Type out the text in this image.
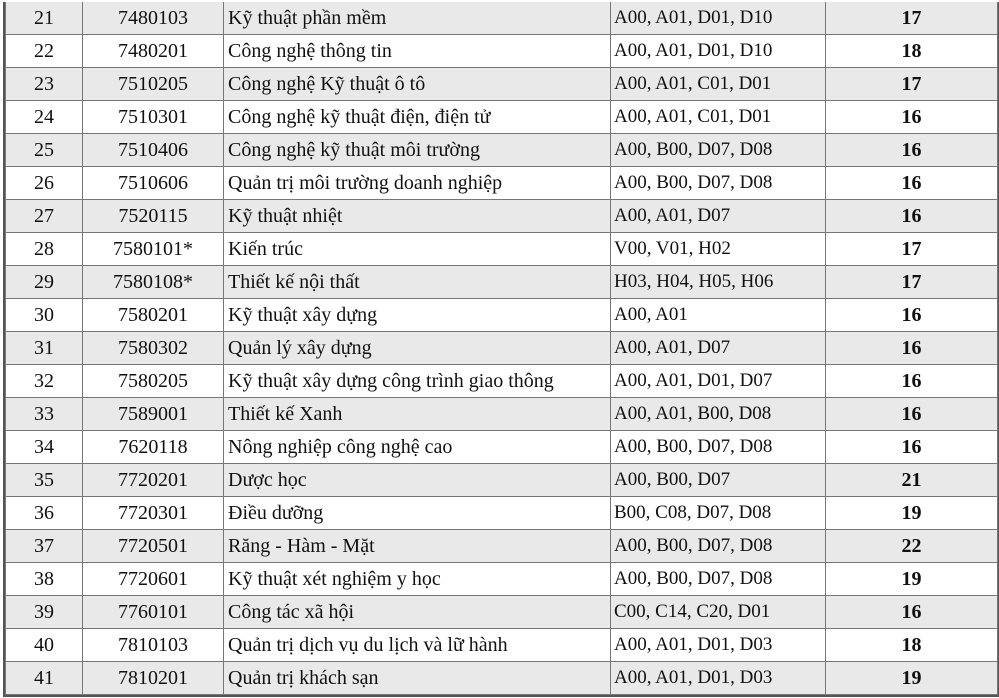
21	7480103	Kỹ thuật phần mềm	A00, A01, D01, D10	17
22	7480201	Công nghệ thông tin	A00, A01, D01, D10	18
23	7510205	Công nghệ Kỹ thuật ô tô	A00, A01, C01, D01	17
24	7510301	Công nghệ kỹ thuật điện, điện tử	A00, A01, C01, D01	16
25	7510406	Công nghệ kỹ thuật môi trường	A00, B00, D07, D08	16
26	7510606	Quản trị môi trường doanh nghiệp	A00, B00, D07, D08	16
27	7520115	Kỹ thuật nhiệt	A00, A01, D07	16
28	7580101*	Kiến trúc	V00, V01, H02	17
29	7580108*	Thiết kế nội thất	H03, H04, H05, H06	17
30	7580201	Kỹ thuật xây dựng	A00, A01	16
31	7580302	Quản lý xây dựng	A00, A01, D07	16
32	7580205	Kỹ thuật xây dựng công trình giao thông	A00, A01, D01, D07	16
33	7589001	Thiết kế Xanh	A00, A01, B00, D08	16
34	7620118	Nông nghiệp công nghệ cao	A00, B00, D07, D08	16
35	7720201	Dược học	A00, B00, D07	21
36	7720301	Điều dưỡng	B00, C08, D07, D08	19
37	7720501	Răng - Hàm - Mặt	A00, B00, D07, D08	22
38	7720601	Kỹ thuật xét nghiệm y học	A00, B00, D07, D08	19
39	7760101	Công tác xã hội	C00, C14, C20, D01	16
40	7810103	Quản trị dịch vụ du lịch và lữ hành	A00, A01, D01, D03	18
41	7810201	Quản trị khách sạn	A00, A01, D01, D03	19
